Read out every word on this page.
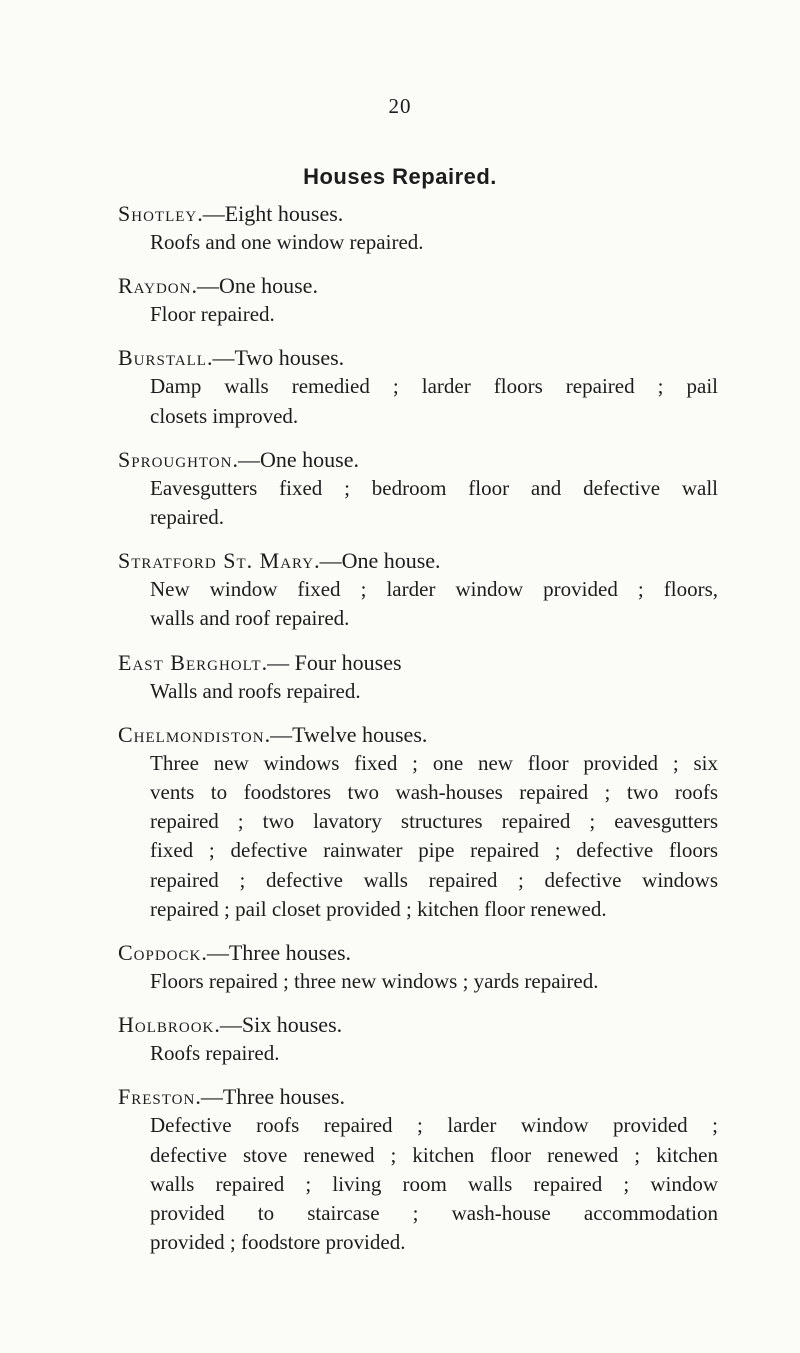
20
Houses Repaired.
Shotley.—Eight houses.
Roofs and one window repaired.
Raydon.—One house.
Floor repaired.
Burstall.—Two houses.
Damp walls remedied ; larder floors repaired ; pail
closets improved.
Sproughton.—One house.
Eavesgutters fixed ; bedroom floor and defective wall
repaired.
Stratford St. Mary.—One house.
New window fixed ; larder window provided ; floors,
walls and roof repaired.
East Bergholt.— Four houses
Walls and roofs repaired.
Chelmondiston.—Twelve houses.
Three new windows fixed ; one new floor provided ; six
vents to foodstores two wash-houses repaired ; two roofs
repaired ; two lavatory structures repaired ; eavesgutters
fixed ; defective rainwater pipe repaired ; defective floors
repaired ; defective walls repaired ; defective windows
repaired ; pail closet provided ; kitchen floor renewed.
Copdock.—Three houses.
Floors repaired ; three new windows ; yards repaired.
Holbrook.—Six houses.
Roofs repaired.
Freston.—Three houses.
Defective roofs repaired ; larder window provided ;
defective stove renewed ; kitchen floor renewed ; kitchen
walls repaired ; living room walls repaired ; window
provided to staircase ; wash-house accommodation
provided ; foodstore provided.
